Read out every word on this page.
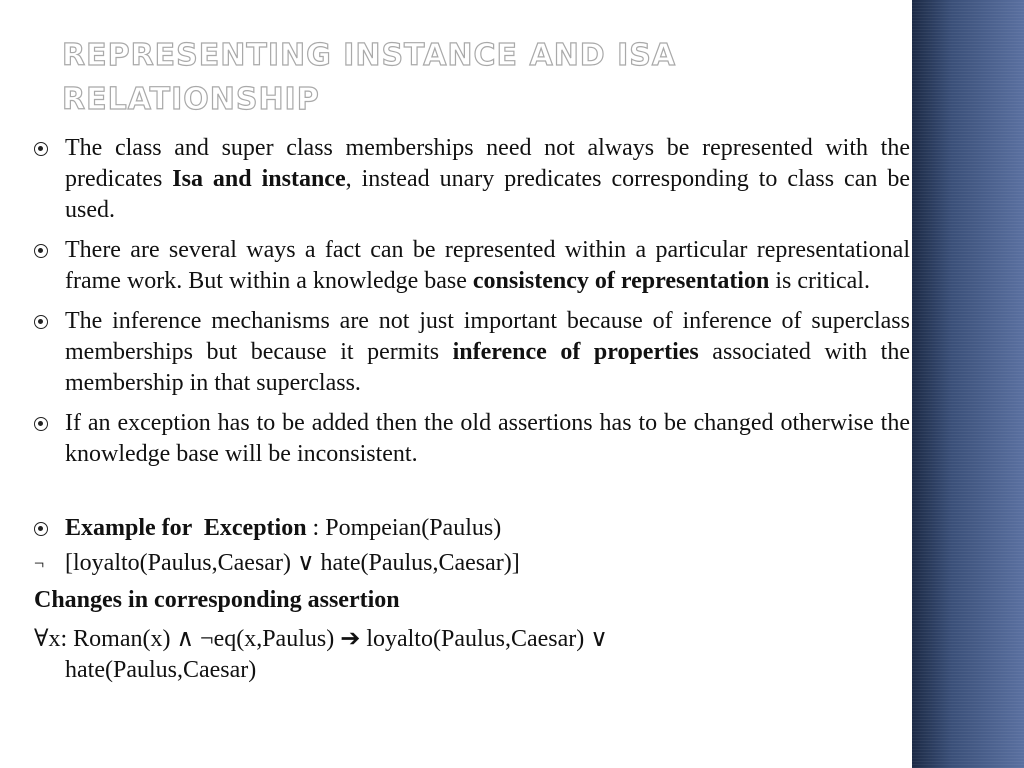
REPRESENTING INSTANCE AND ISA
RELATIONSHIP
The class and super class memberships need not always be represented with the predicates Isa and instance, instead unary predicates corresponding to class can be used.
There are several ways a fact can be represented within a particular representational frame work. But within a knowledge base consistency of representation is critical.
The inference mechanisms are not just important because of inference of superclass memberships but because it permits inference of properties associated with the membership in that superclass.
If an exception has to be added then the old assertions has to be changed otherwise the knowledge base will be inconsistent.
Example for  Exception : Pompeian(Paulus)
¬ [loyalto(Paulus,Caesar) ∨ hate(Paulus,Caesar)]
Changes in corresponding assertion
∀x: Roman(x) ∧ ¬eq(x,Paulus) ➔ loyalto(Paulus,Caesar) ∨ hate(Paulus,Caesar)
